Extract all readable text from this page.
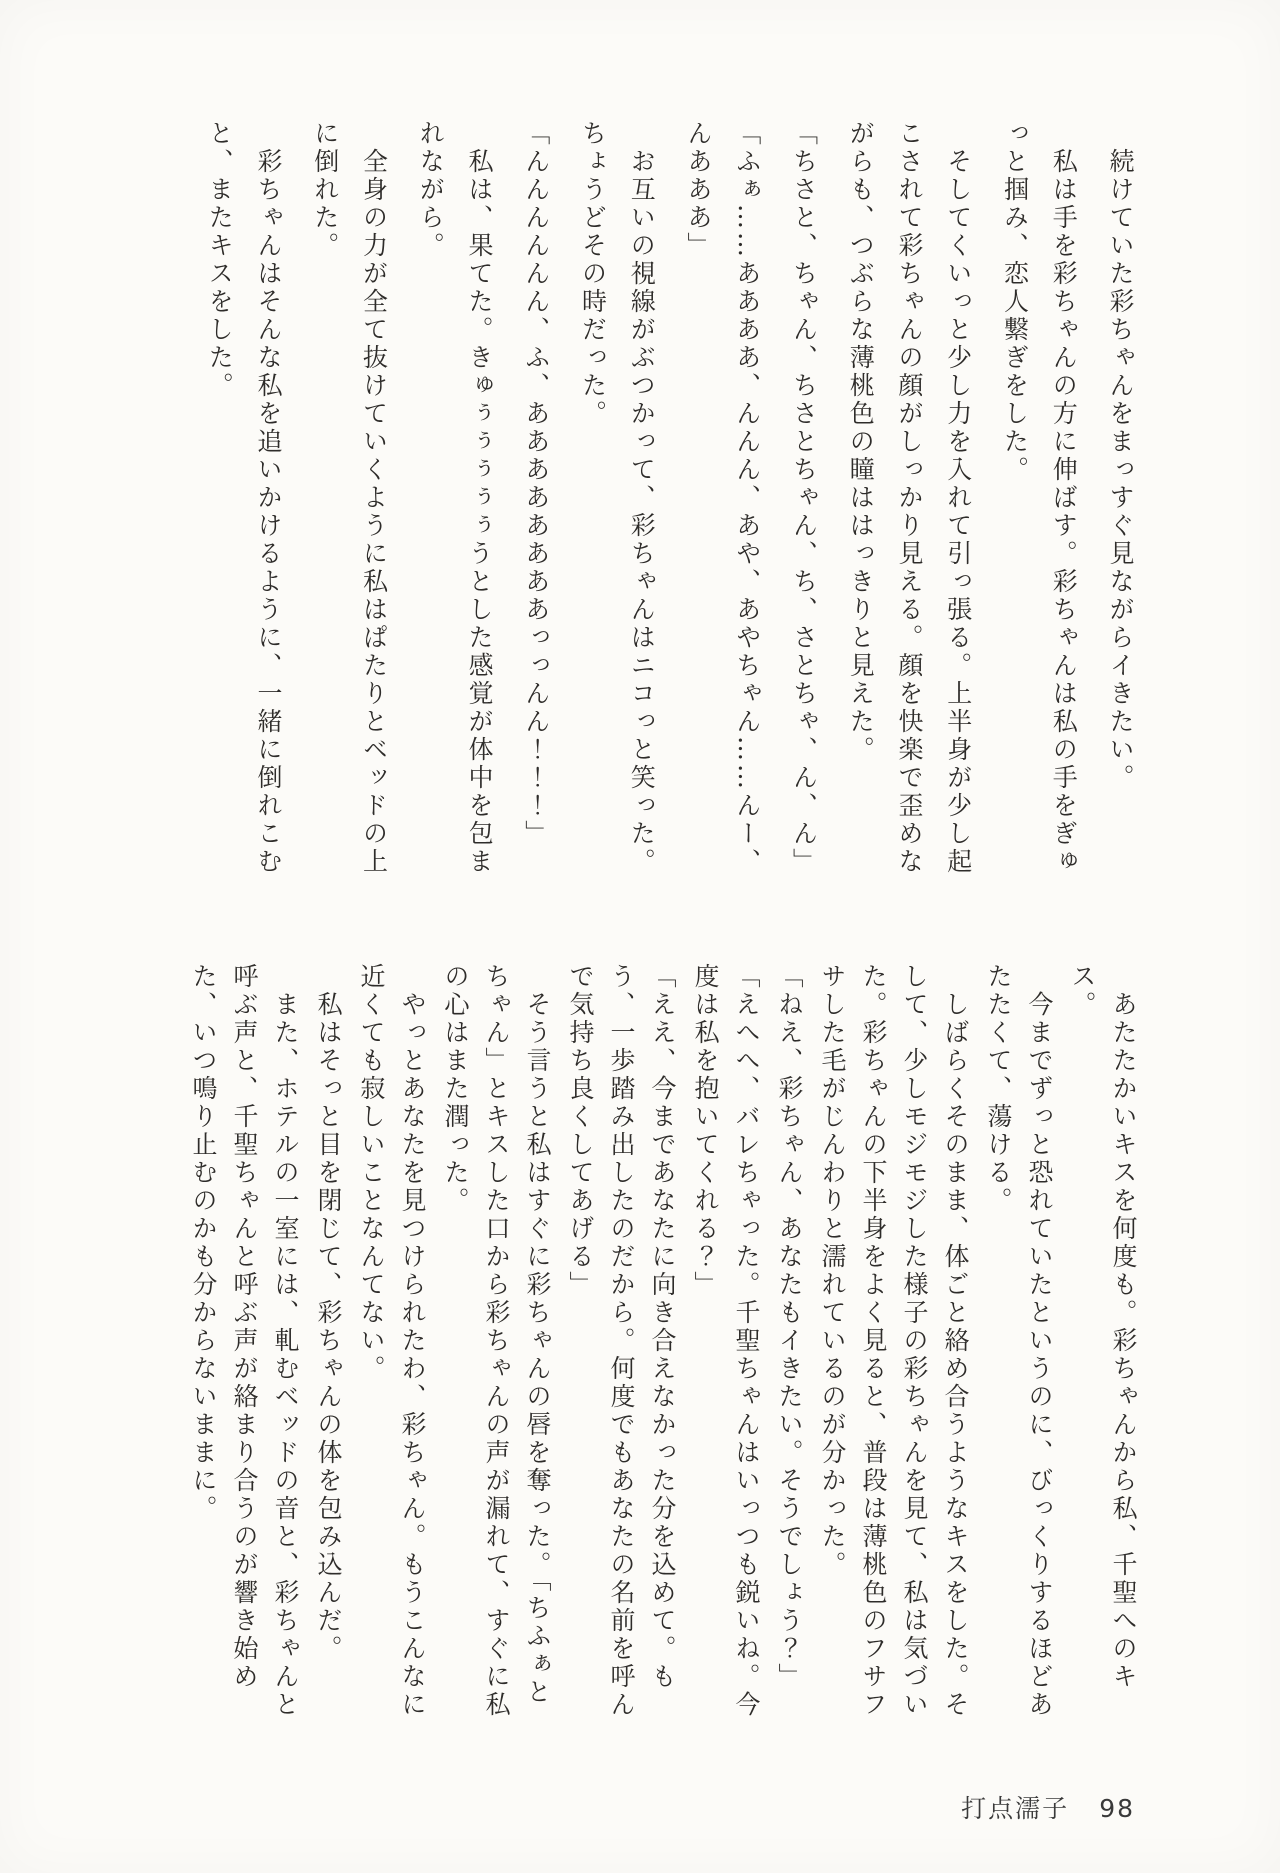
　続けていた彩ちゃんをまっすぐ見ながらイきたい。

　私は手を彩ちゃんの方に伸ばす。彩ちゃんは私の手をぎゅっと掴み、恋人繋ぎをした。

　そしてくいっと少し力を入れて引っ張る。上半身が少し起こされて彩ちゃんの顔がしっかり見える。顔を快楽で歪めながらも、つぶらな薄桃色の瞳ははっきりと見えた。

「ちさと、ちゃん、ちさとちゃん、ち、さとちゃ、ん、ん」

「ふぁ……ああああ、んんん、あや、あやちゃん……んー、んあああ」

　お互いの視線がぶつかって、彩ちゃんはニコっと笑った。ちょうどその時だった。

「んんんんんん、ふ、ああああああああっっんん！！！」

　私は、果てた。きゅぅぅぅぅぅうとした感覚が体中を包まれながら。

　全身の力が全て抜けていくように私はぱたりとベッドの上に倒れた。

　彩ちゃんはそんな私を追いかけるように、一緒に倒れこむと、またキスをした。

　あたたかいキスを何度も。彩ちゃんから私、千聖へのキス。

　今までずっと恐れていたというのに、びっくりするほどあたたくて、蕩ける。

　しばらくそのまま、体ごと絡め合うようなキスをした。そして、少しモジモジした様子の彩ちゃんを見て、私は気づいた。彩ちゃんの下半身をよく見ると、普段は薄桃色のフサフサした毛がじんわりと濡れているのが分かった。

「ねえ、彩ちゃん、あなたもイきたい。そうでしょう？」

「えへへ、バレちゃった。千聖ちゃんはいっつも鋭いね。今度は私を抱いてくれる？」

「ええ、今まであなたに向き合えなかった分を込めて。もう、一歩踏み出したのだから。何度でもあなたの名前を呼んで気持ち良くしてあげる」

　そう言うと私はすぐに彩ちゃんの唇を奪った。「ちふぁとちゃん」とキスした口から彩ちゃんの声が漏れて、すぐに私の心はまた潤った。

　やっとあなたを見つけられたわ、彩ちゃん。もうこんなに近くても寂しいことなんてない。

　私はそっと目を閉じて、彩ちゃんの体を包み込んだ。

　また、ホテルの一室には、軋むベッドの音と、彩ちゃんと呼ぶ声と、千聖ちゃんと呼ぶ声が絡まり合うのが響き始めた、いつ鳴り止むのかも分からないままに。

打点濡子 98
